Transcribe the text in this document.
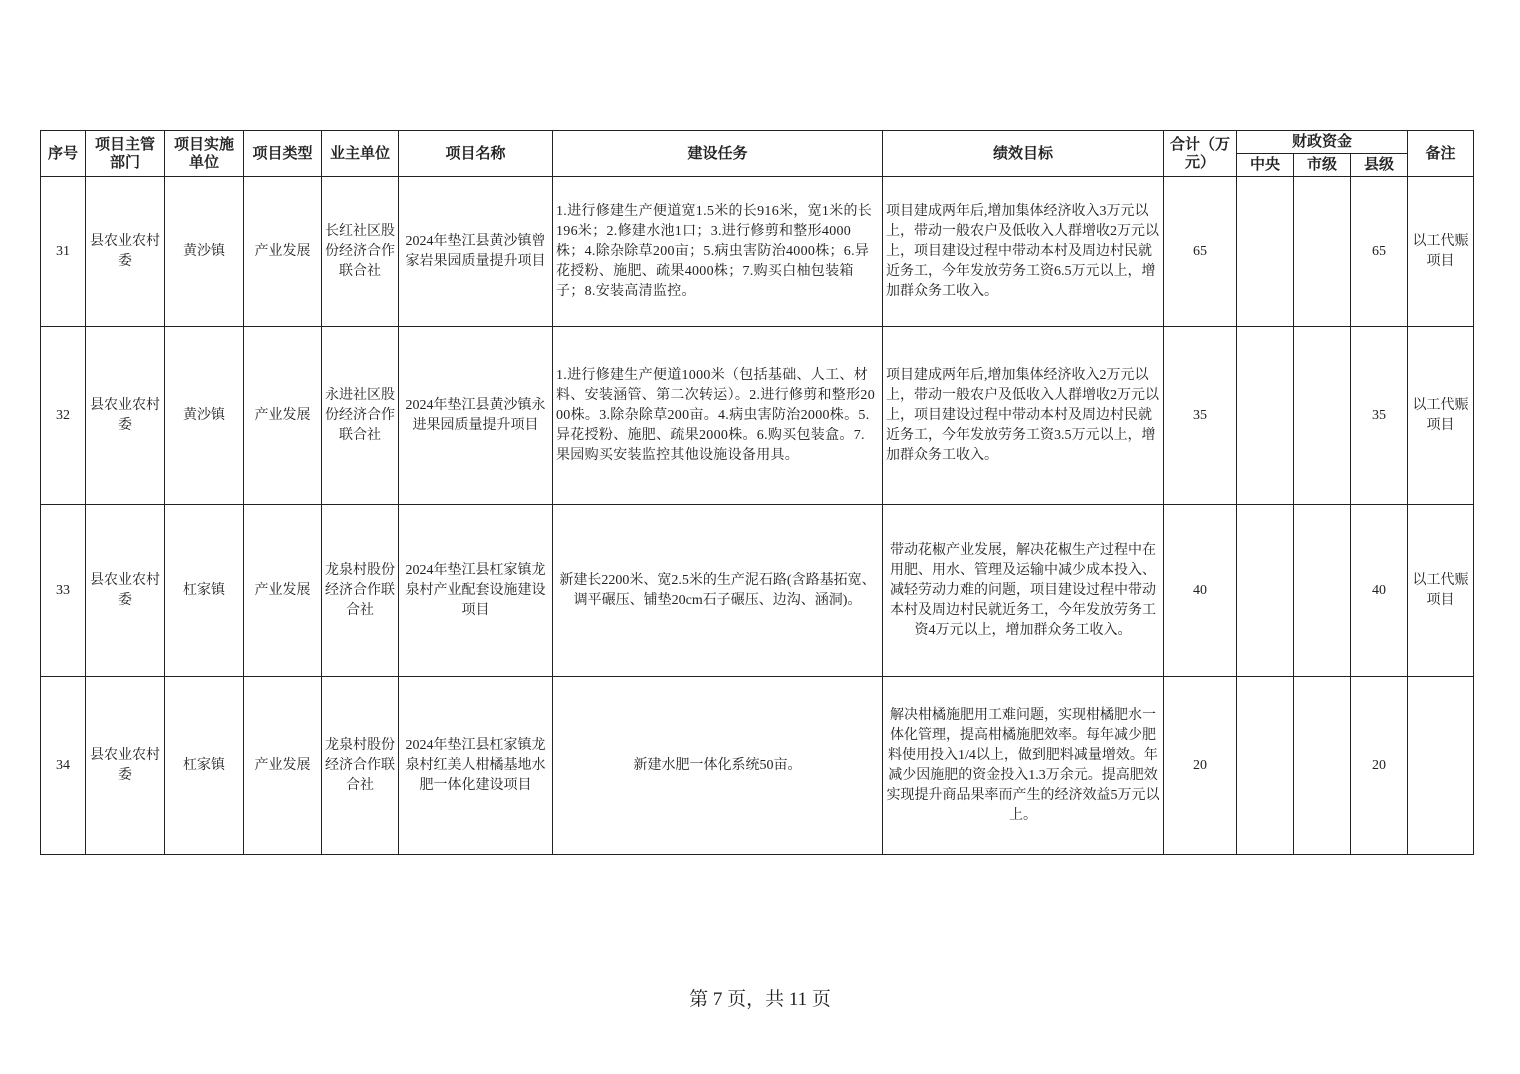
序号	项目主管部门	项目实施单位	项目类型	业主单位	项目名称	建设任务	绩效目标	合计（万元）	财政资金			备注
									中央	市级	县级	
31	县农业农村委	黄沙镇	产业发展	长红社区股份经济合作联合社	2024年垫江县黄沙镇曾家岩果园质量提升项目	1.进行修建生产便道宽1.5米的长916米，宽1米的长196米；2.修建水池1口；3.进行修剪和整形4000株；4.除杂除草200亩；5.病虫害防治4000株；6.异花授粉、施肥、疏果4000株；7.购买白柚包装箱子；8.安装高清监控。	项目建成两年后,增加集体经济收入3万元以上，带动一般农户及低收入人群增收2万元以上，项目建设过程中带动本村及周边村民就近务工，今年发放劳务工资6.5万元以上，增加群众务工收入。	65			65	以工代赈项目
32	县农业农村委	黄沙镇	产业发展	永进社区股份经济合作联合社	2024年垫江县黄沙镇永进果园质量提升项目	1.进行修建生产便道1000米（包括基础、人工、材料、安装涵管、第二次转运）。2.进行修剪和整形2000株。3.除杂除草200亩。4.病虫害防治2000株。5.异花授粉、施肥、疏果2000株。6.购买包装盒。7.果园购买安装监控其他设施设备用具。	项目建成两年后,增加集体经济收入2万元以上，带动一般农户及低收入人群增收2万元以上，项目建设过程中带动本村及周边村民就近务工，今年发放劳务工资3.5万元以上，增加群众务工收入。	35			35	以工代赈项目
33	县农业农村委	杠家镇	产业发展	龙泉村股份经济合作联合社	2024年垫江县杠家镇龙泉村产业配套设施建设项目	新建长2200米、宽2.5米的生产泥石路(含路基拓宽、调平碾压、铺垫20cm石子碾压、边沟、涵洞)。	带动花椒产业发展，解决花椒生产过程中在用肥、用水、管理及运输中减少成本投入、减轻劳动力难的问题，项目建设过程中带动本村及周边村民就近务工，今年发放劳务工资4万元以上，增加群众务工收入。	40			40	以工代赈项目
34	县农业农村委	杠家镇	产业发展	龙泉村股份经济合作联合社	2024年垫江县杠家镇龙泉村红美人柑橘基地水肥一体化建设项目	新建水肥一体化系统50亩。	解决柑橘施肥用工难问题，实现柑橘肥水一体化管理，提高柑橘施肥效率。每年减少肥料使用投入1/4以上，做到肥料减量增效。年减少因施肥的资金投入1.3万余元。提高肥效实现提升商品果率而产生的经济效益5万元以上。	20			20	
第 7 页，共 11 页
